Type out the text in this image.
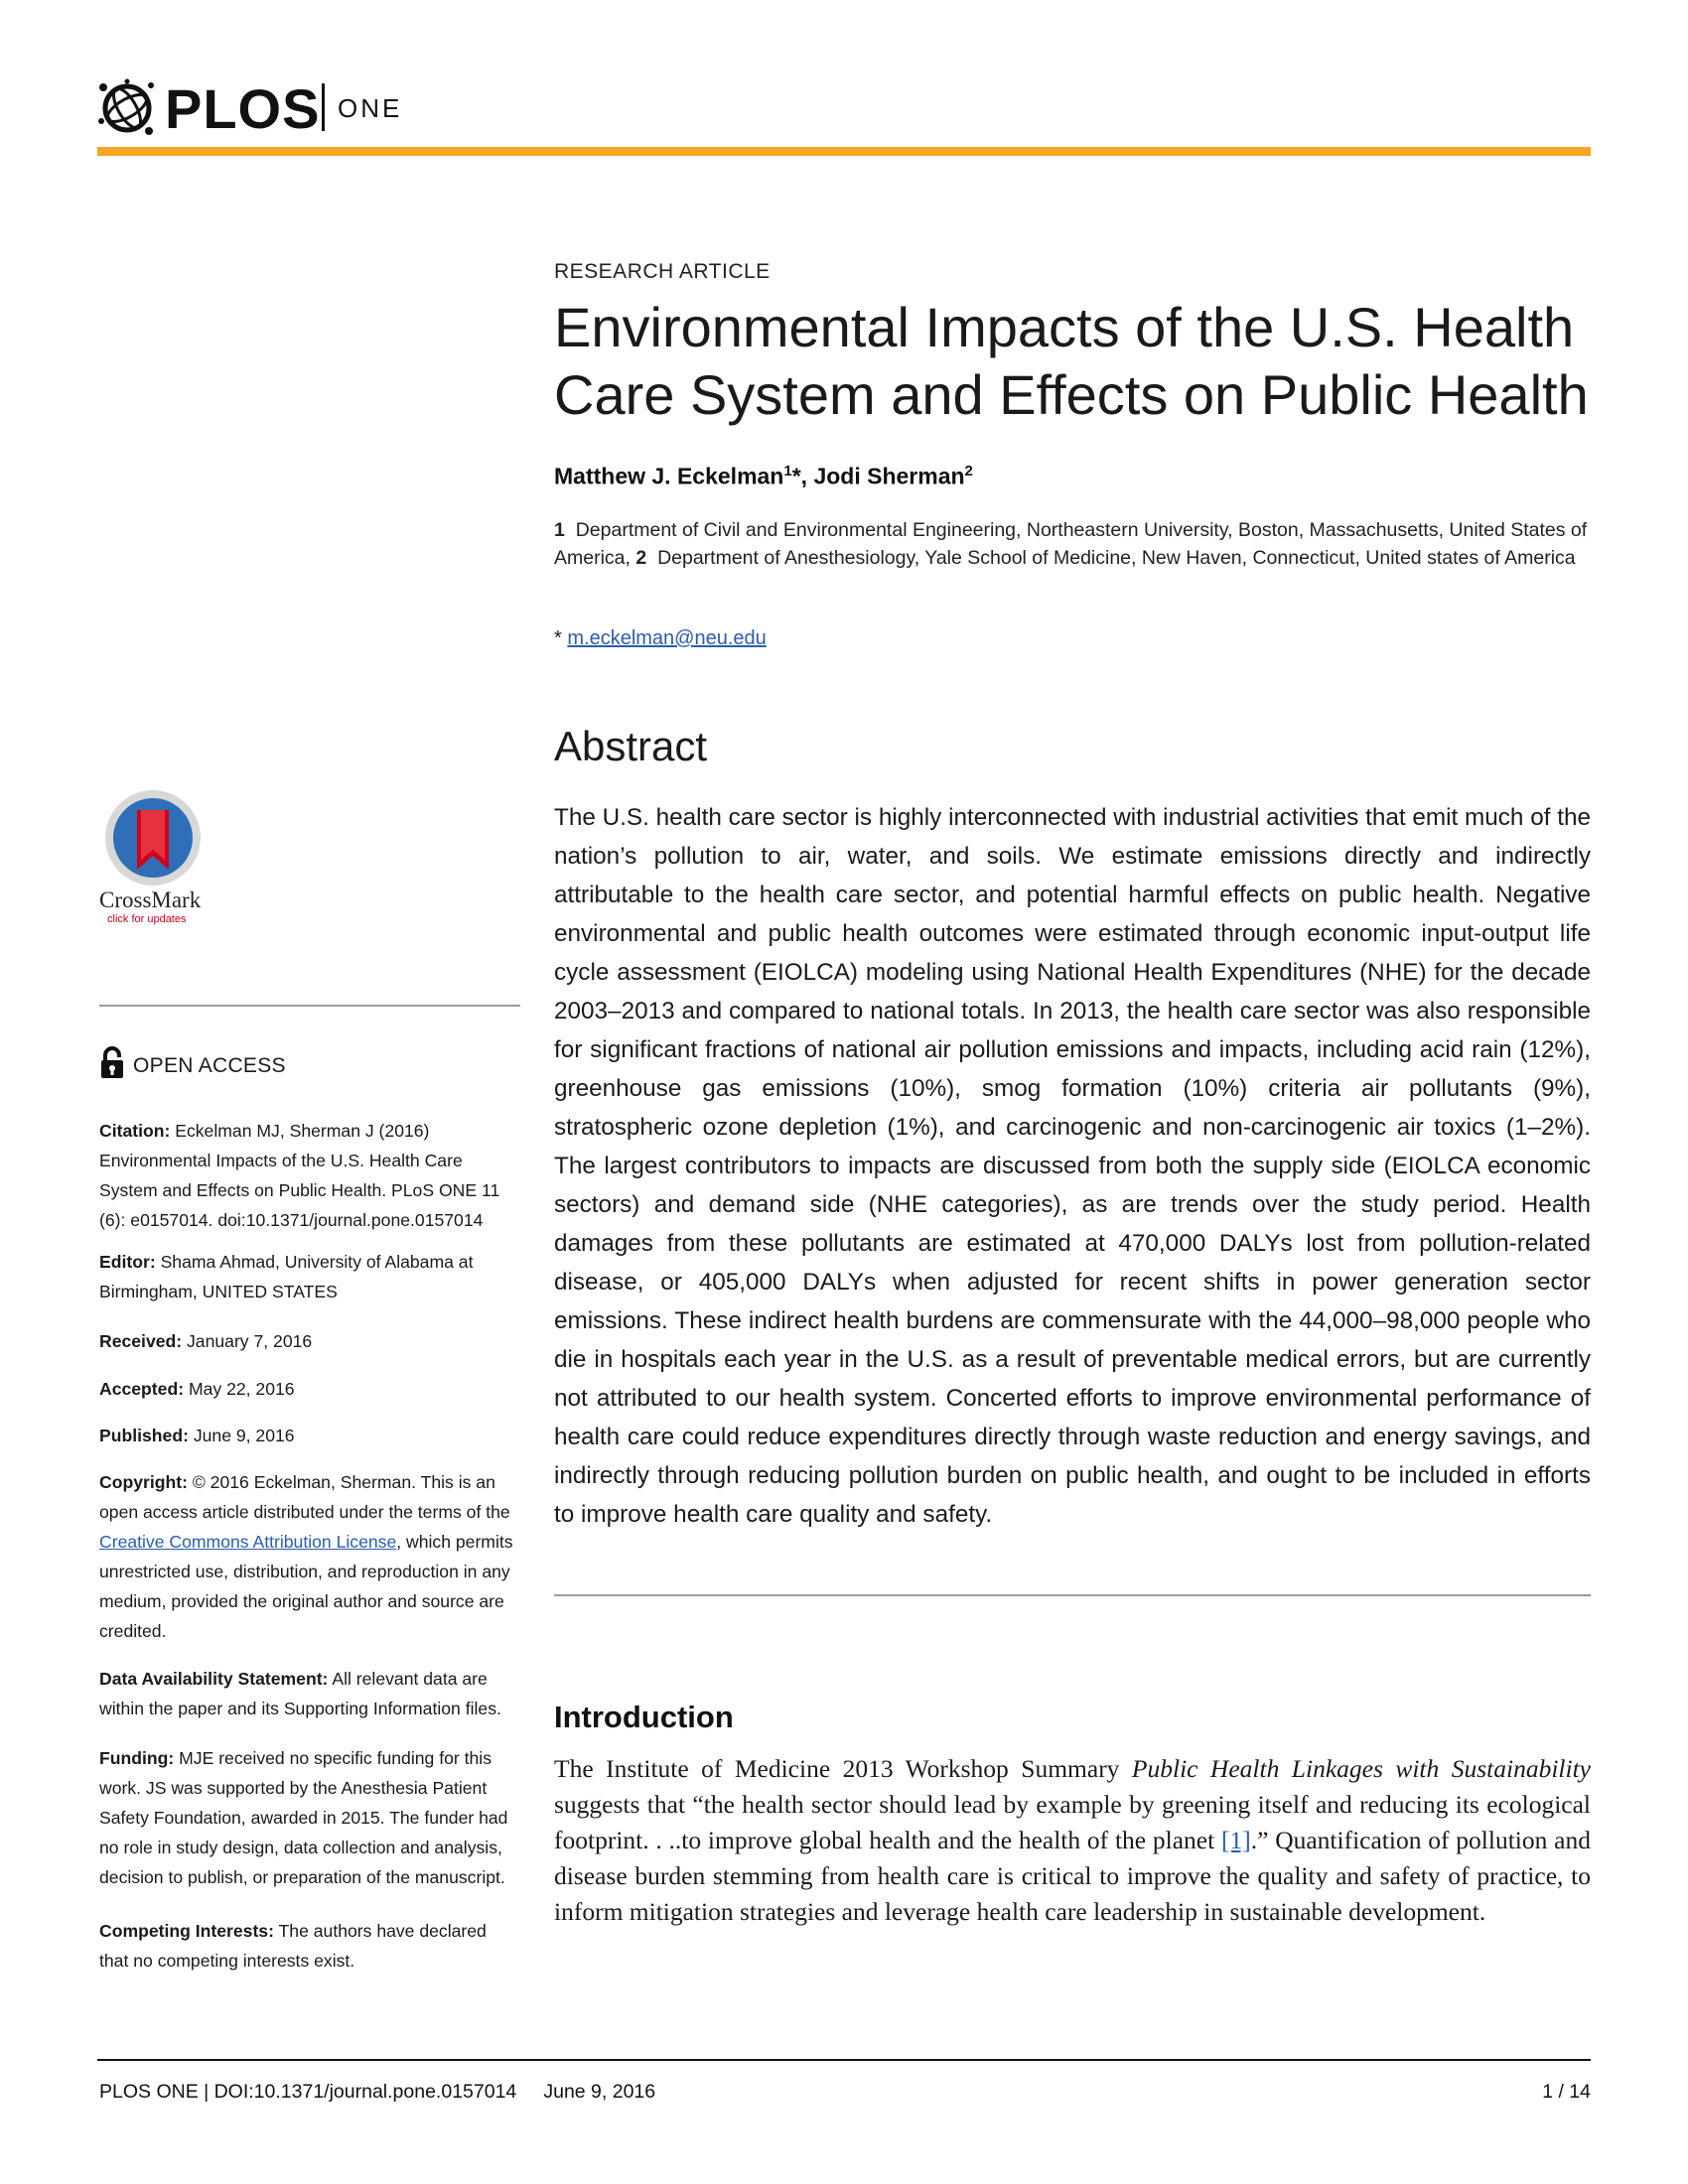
PLOS ONE
RESEARCH ARTICLE
Environmental Impacts of the U.S. Health
Care System and Effects on Public Health
Matthew J. Eckelman$^1$*, Jodi Sherman$^2$
1 Department of Civil and Environmental Engineering, Northeastern University, Boston, Massachusetts, United States of America, 2 Department of Anesthesiology, Yale School of Medicine, New Haven, Connecticut, United states of America
* m.eckelman@neu.edu
Abstract
The U.S. health care sector is highly interconnected with industrial activities that emit much of the nation’s pollution to air, water, and soils. We estimate emissions directly and indirectly attributable to the health care sector, and potential harmful effects on public health. Negative environmental and public health outcomes were estimated through economic input-output life cycle assessment (EIOLCA) modeling using National Health Expenditures (NHE) for the decade 2003–2013 and compared to national totals. In 2013, the health care sector was also responsible for significant fractions of national air pollution emissions and impacts, including acid rain (12%), greenhouse gas emissions (10%), smog formation (10%) criteria air pollutants (9%), stratospheric ozone depletion (1%), and carcinogenic and non-carcinogenic air toxics (1–2%). The largest contributors to impacts are discussed from both the supply side (EIOLCA economic sectors) and demand side (NHE categories), as are trends over the study period. Health damages from these pollutants are estimated at 470,000 DALYs lost from pollution-related disease, or 405,000 DALYs when adjusted for recent shifts in power generation sector emissions. These indirect health burdens are commensurate with the 44,000–98,000 people who die in hospitals each year in the U.S. as a result of preventable medical errors, but are currently not attributed to our health system. Concerted efforts to improve environmental performance of health care could reduce expenditures directly through waste reduction and energy savings, and indirectly through reducing pollution burden on public health, and ought to be included in efforts to improve health care quality and safety.
Introduction
The Institute of Medicine 2013 Workshop Summary Public Health Linkages with Sustainability suggests that “the health sector should lead by example by greening itself and reducing its ecological footprint. . ..to improve global health and the health of the planet [1].” Quantification of pollution and disease burden stemming from health care is critical to improve the quality and safety of practice, to inform mitigation strategies and leverage health care leadership in sustainable development.
CrossMark
click for updates
OPEN ACCESS
Citation: Eckelman MJ, Sherman J (2016) Environmental Impacts of the U.S. Health Care System and Effects on Public Health. PLoS ONE 11 (6): e0157014. doi:10.1371/journal.pone.0157014
Editor: Shama Ahmad, University of Alabama at Birmingham, UNITED STATES
Received: January 7, 2016
Accepted: May 22, 2016
Published: June 9, 2016
Copyright: © 2016 Eckelman, Sherman. This is an open access article distributed under the terms of the Creative Commons Attribution License, which permits unrestricted use, distribution, and reproduction in any medium, provided the original author and source are credited.
Data Availability Statement: All relevant data are within the paper and its Supporting Information files.
Funding: MJE received no specific funding for this work. JS was supported by the Anesthesia Patient Safety Foundation, awarded in 2015. The funder had no role in study design, data collection and analysis, decision to publish, or preparation of the manuscript.
Competing Interests: The authors have declared that no competing interests exist.
PLOS ONE | DOI:10.1371/journal.pone.0157014     June 9, 2016	1 / 14
